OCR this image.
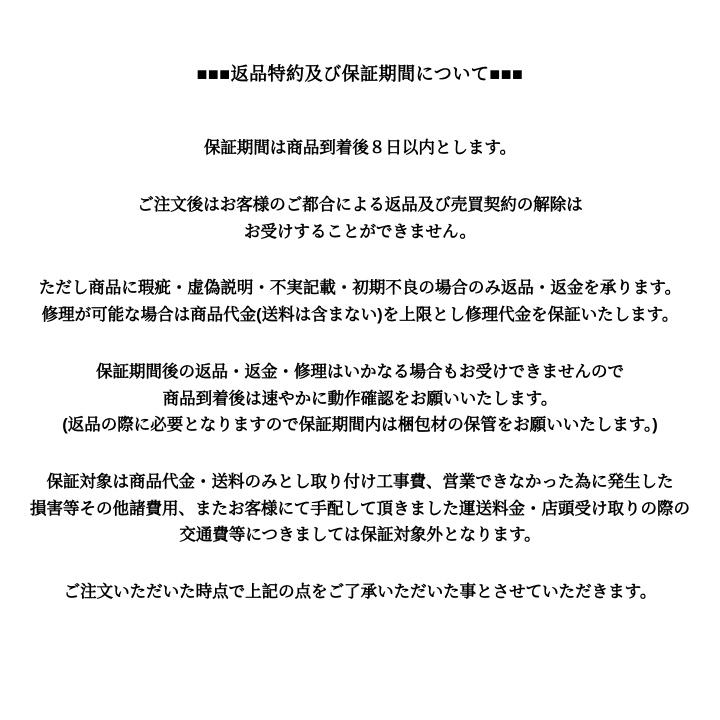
■■■返品特約及び保証期間について■■■
保証期間は商品到着後８日以内とします。
ご注文後はお客様のご都合による返品及び売買契約の解除は
お受けすることができません。
ただし商品に瑕疵・虚偽説明・不実記載・初期不良の場合のみ返品・返金を承ります。
修理が可能な場合は商品代金(送料は含まない)を上限とし修理代金を保証いたします。
保証期間後の返品・返金・修理はいかなる場合もお受けできませんので
商品到着後は速やかに動作確認をお願いいたします。
(返品の際に必要となりますので保証期間内は梱包材の保管をお願いいたします。)
保証対象は商品代金・送料のみとし取り付け工事費、営業できなかった為に発生した
損害等その他諸費用、またお客様にて手配して頂きました運送料金・店頭受け取りの際の
交通費等につきましては保証対象外となります。
ご注文いただいた時点で上記の点をご了承いただいた事とさせていただきます。
